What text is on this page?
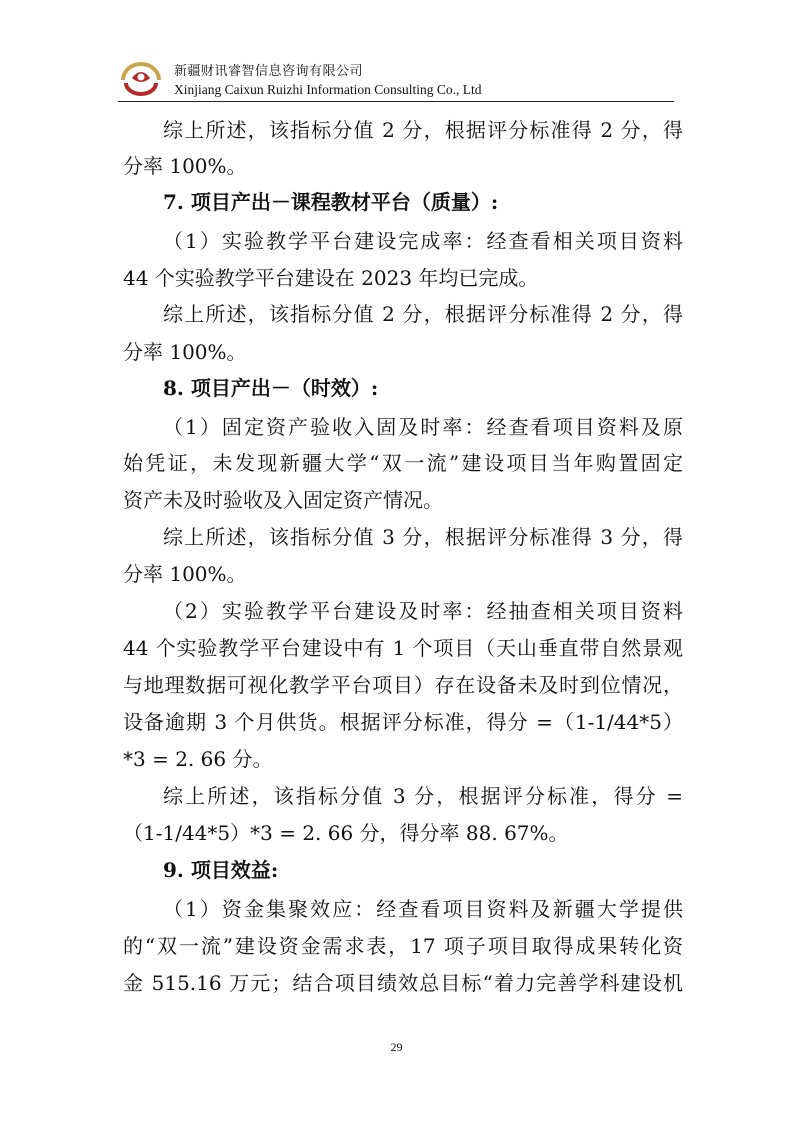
新疆财讯睿智信息咨询有限公司
Xinjiang Caixun Ruizhi Information Consulting Co., Ltd
综上所述，该指标分值 2 分，根据评分标准得 2 分，得
分率 100%。
7. 项目产出－课程教材平台（质量）:
（1）实验教学平台建设完成率：经查看相关项目资料
44 个实验教学平台建设在 2023 年均已完成。
综上所述，该指标分值 2 分，根据评分标准得 2 分，得
分率 100%。
8. 项目产出－（时效）:
（1）固定资产验收入固及时率：经查看项目资料及原
始凭证，未发现新疆大学“双一流”建设项目当年购置固定
资产未及时验收及入固定资产情况。
综上所述，该指标分值 3 分，根据评分标准得 3 分，得
分率 100%。
（2）实验教学平台建设及时率：经抽查相关项目资料
44 个实验教学平台建设中有 1 个项目（天山垂直带自然景观
与地理数据可视化教学平台项目）存在设备未及时到位情况，
设备逾期 3 个月供货。根据评分标准，得分 =（1-1/44*5）
*3 = 2. 66 分。
综上所述，该指标分值 3 分，根据评分标准，得分 =
（1-1/44*5）*3 = 2. 66 分，得分率 88. 67%。
9. 项目效益:
（1）资金集聚效应：经查看项目资料及新疆大学提供
的“双一流”建设资金需求表，17 项子项目取得成果转化资
金 515.16 万元；结合项目绩效总目标“着力完善学科建设机
29
